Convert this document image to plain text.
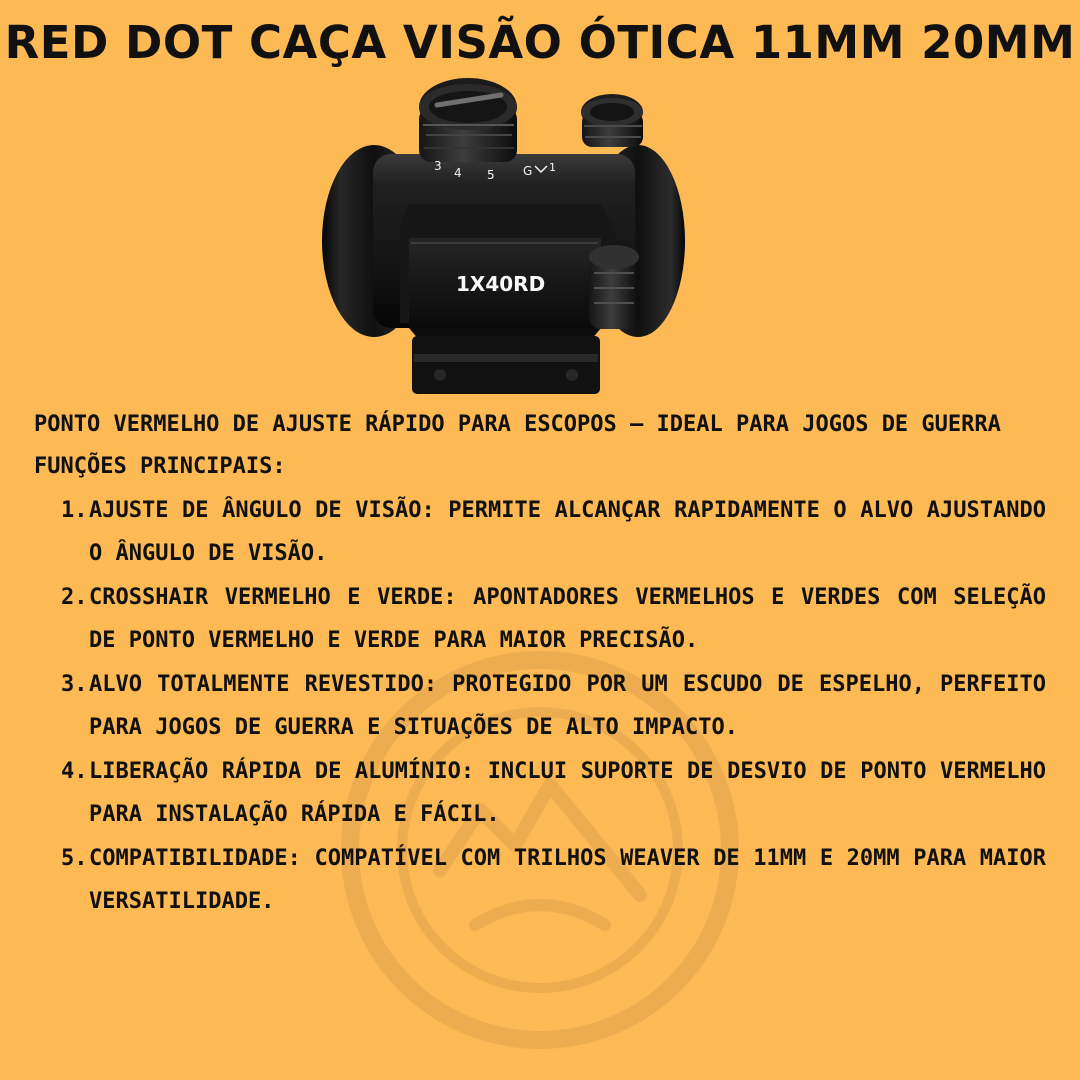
RED DOT CAÇA VISÃO ÓTICA 11MM 20MM
3 4 5 G 1
1X40RD

PONTO VERMELHO DE AJUSTE RÁPIDO PARA ESCOPOS – IDEAL PARA JOGOS DE GUERRA

FUNÇÕES PRINCIPAIS:

1. AJUSTE DE ÂNGULO DE VISÃO: PERMITE ALCANÇAR RAPIDAMENTE O ALVO AJUSTANDO O ÂNGULO DE VISÃO.
2. CROSSHAIR VERMELHO E VERDE: APONTADORES VERMELHOS E VERDES COM SELEÇÃO DE PONTO VERMELHO E VERDE PARA MAIOR PRECISÃO.
3. ALVO TOTALMENTE REVESTIDO: PROTEGIDO POR UM ESCUDO DE ESPELHO, PERFEITO PARA JOGOS DE GUERRA E SITUAÇÕES DE ALTO IMPACTO.
4. LIBERAÇÃO RÁPIDA DE ALUMÍNIO: INCLUI SUPORTE DE DESVIO DE PONTO VERMELHO PARA INSTALAÇÃO RÁPIDA E FÁCIL.
5. COMPATIBILIDADE: COMPATÍVEL COM TRILHOS WEAVER DE 11MM E 20MM PARA MAIOR VERSATILIDADE.
